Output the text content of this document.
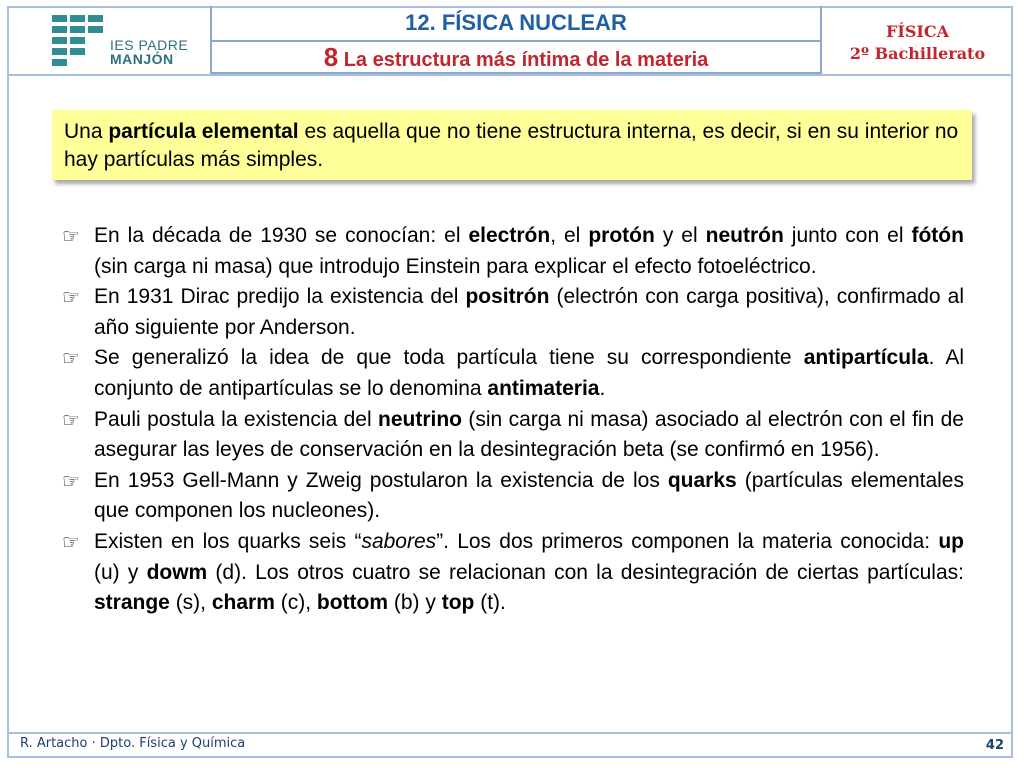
IES PADRE
MANJÓN
12. FÍSICA NUCLEAR
8 La estructura más íntima de la materia
FÍSICA
2º Bachillerato
Una partícula elemental es aquella que no tiene estructura interna, es decir, si en su interior no hay partículas más simples.
☞ En la década de 1930 se conocían: el electrón, el protón y el neutrón junto con el fótón (sin carga ni masa) que introdujo Einstein para explicar el efecto fotoeléctrico.
☞ En 1931 Dirac predijo la existencia del positrón (electrón con carga positiva), confirmado al año siguiente por Anderson.
☞ Se generalizó la idea de que toda partícula tiene su correspondiente antipartícula. Al conjunto de antipartículas se lo denomina antimateria.
☞ Pauli postula la existencia del neutrino (sin carga ni masa) asociado al electrón con el fin de asegurar las leyes de conservación en la desintegración beta (se confirmó en 1956).
☞ En 1953 Gell-Mann y Zweig postularon la existencia de los quarks (partículas elementales que componen los nucleones).
☞ Existen en los quarks seis “sabores”. Los dos primeros componen la materia conocida: up (u) y dowm (d). Los otros cuatro se relacionan con la desintegración de ciertas partículas: strange (s), charm (c), bottom (b) y top (t).
R. Artacho · Dpto. Física y Química	42
